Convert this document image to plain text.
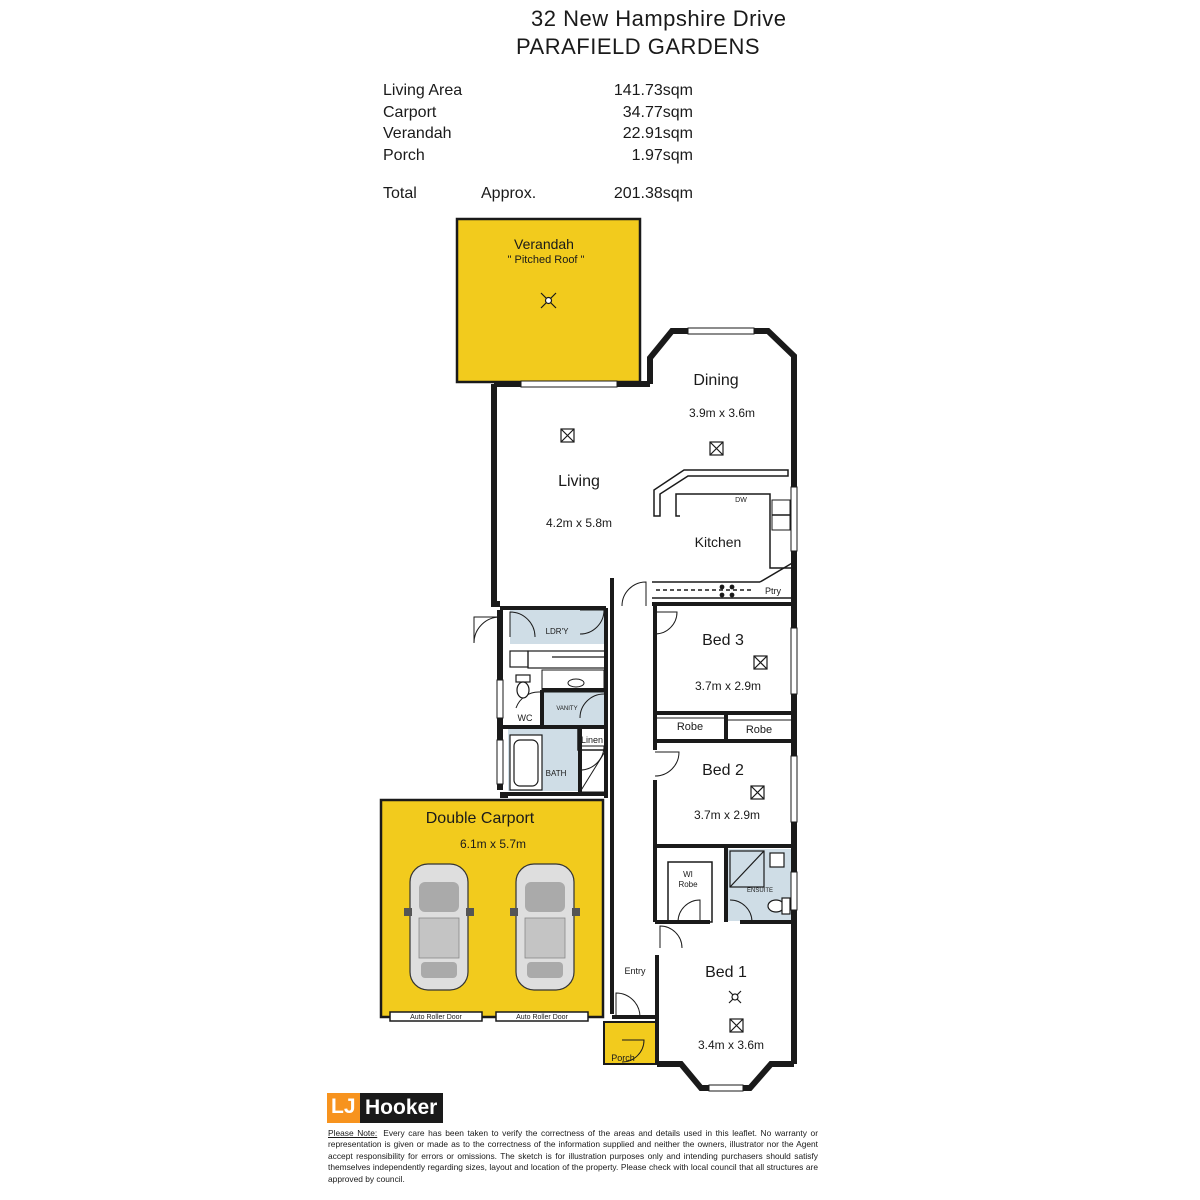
32 New Hampshire Drive
PARAFIELD GARDENS
Living Area	141.73sqm
Carport	34.77sqm
Verandah	22.91sqm
Porch	1.97sqm
Total	Approx.	201.38sqm
Verandah
" Pitched Roof "
Dining
3.9m x 3.6m
Living
4.2m x 5.8m
Kitchen
DW
Ptry
LDR'Y
VANITY
WC
BATH
Linen
Bed 3
3.7m x 2.9m
Robe	Robe
Bed 2
3.7m x 2.9m
WI
Robe
ENSUITE
Double Carport
6.1m x 5.7m
Auto Roller Door	Auto Roller Door
Entry	Bed 1
3.4m x 3.6m
Porch
LJ Hooker
Please Note: Every care has been taken to verify the correctness of the areas and details used in this leaflet. No warranty or representation is given or made as to the correctness of the information supplied and neither the owners, illustrator nor the Agent accept responsibility for errors or omissions. The sketch is for illustration purposes only and intending purchasers should satisfy themselves independently regarding sizes, layout and location of the property. Please check with local council that all structures are approved by council.
